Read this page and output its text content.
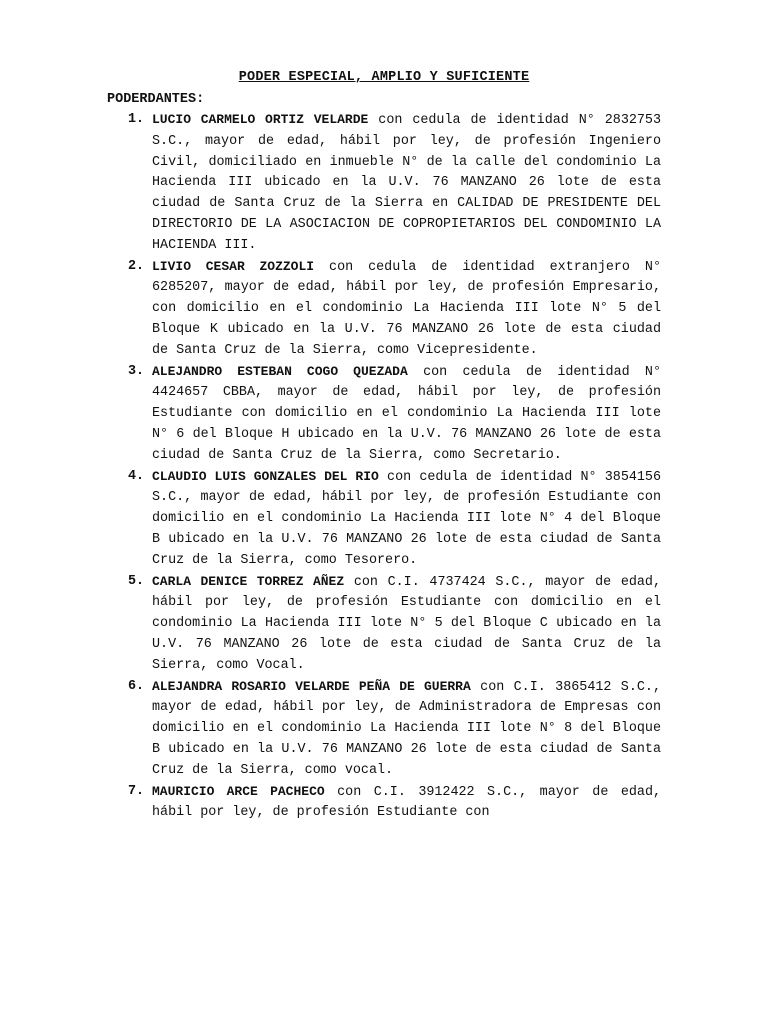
PODER ESPECIAL, AMPLIO Y SUFICIENTE

PODERDANTES:

1. LUCIO CARMELO ORTIZ VELARDE con cedula de identidad N° 2832753 S.C., mayor de edad, hábil por ley, de profesión Ingeniero Civil, domiciliado en inmueble N° de la calle del condominio La Hacienda III ubicado en la U.V. 76 MANZANO 26 lote de esta ciudad de Santa Cruz de la Sierra en CALIDAD DE PRESIDENTE DEL DIRECTORIO DE LA ASOCIACION DE COPROPIETARIOS DEL CONDOMINIO LA HACIENDA III.
2. LIVIO CESAR ZOZZOLI con cedula de identidad extranjero N° 6285207, mayor de edad, hábil por ley, de profesión Empresario, con domicilio en el condominio La Hacienda III lote N° 5 del Bloque K ubicado en la U.V. 76 MANZANO 26 lote de esta ciudad de Santa Cruz de la Sierra, como Vicepresidente.
3. ALEJANDRO ESTEBAN COGO QUEZADA con cedula de identidad N° 4424657 CBBA, mayor de edad, hábil por ley, de profesión Estudiante con domicilio en el condominio La Hacienda III lote N° 6 del Bloque H ubicado en la U.V. 76 MANZANO 26 lote de esta ciudad de Santa Cruz de la Sierra, como Secretario.
4. CLAUDIO LUIS GONZALES DEL RIO con cedula de identidad N° 3854156 S.C., mayor de edad, hábil por ley, de profesión Estudiante con domicilio en el condominio La Hacienda III lote N° 4 del Bloque B ubicado en la U.V. 76 MANZANO 26 lote de esta ciudad de Santa Cruz de la Sierra, como Tesorero.
5. CARLA DENICE TORREZ AÑEZ con C.I. 4737424 S.C., mayor de edad, hábil por ley, de profesión Estudiante con domicilio en el condominio La Hacienda III lote N° 5 del Bloque C ubicado en la U.V. 76 MANZANO 26 lote de esta ciudad de Santa Cruz de la Sierra, como Vocal.
6. ALEJANDRA ROSARIO VELARDE PEÑA DE GUERRA con C.I. 3865412 S.C., mayor de edad, hábil por ley, de Administradora de Empresas con domicilio en el condominio La Hacienda III lote N° 8 del Bloque B ubicado en la U.V. 76 MANZANO 26 lote de esta ciudad de Santa Cruz de la Sierra, como vocal.
7. MAURICIO ARCE PACHECO con C.I. 3912422 S.C., mayor de edad, hábil por ley, de profesión Estudiante con
